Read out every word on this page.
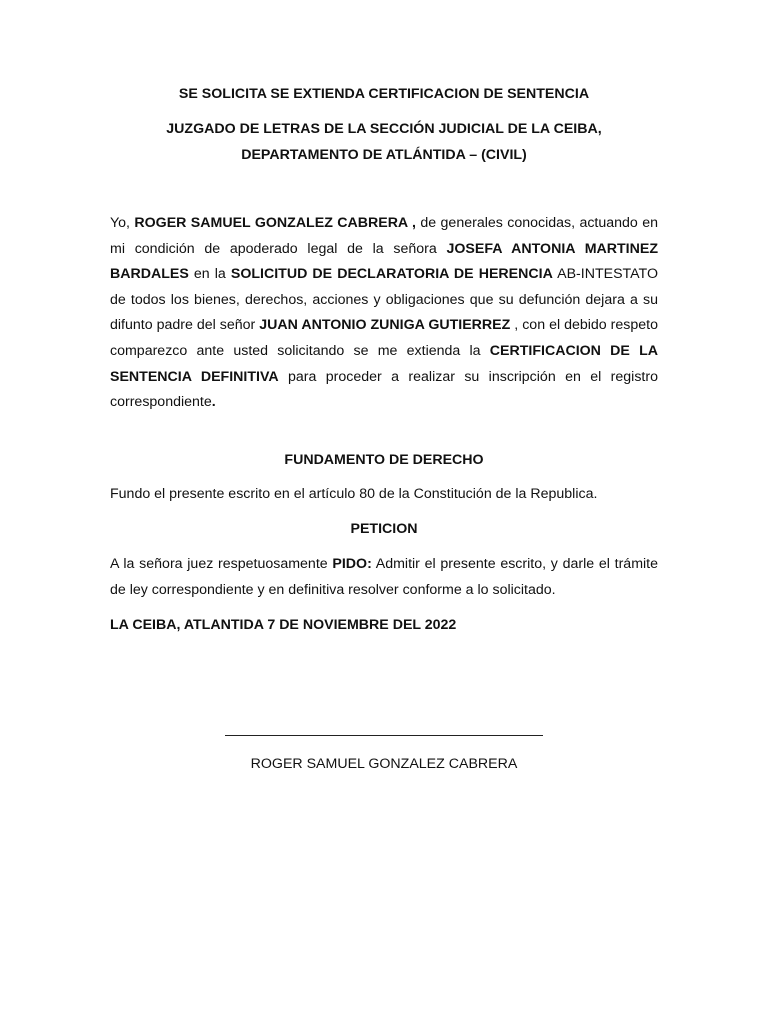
SE SOLICITA SE EXTIENDA CERTIFICACION DE SENTENCIA
JUZGADO DE LETRAS DE LA SECCIÓN JUDICIAL DE LA CEIBA,
DEPARTAMENTO DE ATLÁNTIDA – (CIVIL)
Yo, ROGER SAMUEL GONZALEZ CABRERA , de generales conocidas, actuando en mi condición de apoderado legal de la señora JOSEFA ANTONIA MARTINEZ BARDALES en la SOLICITUD DE DECLARATORIA DE HERENCIA AB-INTESTATO de todos los bienes, derechos, acciones y obligaciones que su defunción dejara a su difunto padre del señor JUAN ANTONIO ZUNIGA GUTIERREZ , con el debido respeto comparezco ante usted solicitando se me extienda la CERTIFICACION DE LA SENTENCIA DEFINITIVA para proceder a realizar su inscripción en el registro correspondiente.
FUNDAMENTO DE DERECHO
Fundo el presente escrito en el artículo 80 de la Constitución de la Republica.
PETICION
A la señora juez respetuosamente PIDO: Admitir el presente escrito, y darle el trámite de ley correspondiente y en definitiva resolver conforme a lo solicitado.
LA CEIBA, ATLANTIDA 7 DE NOVIEMBRE DEL 2022
ROGER SAMUEL GONZALEZ CABRERA
